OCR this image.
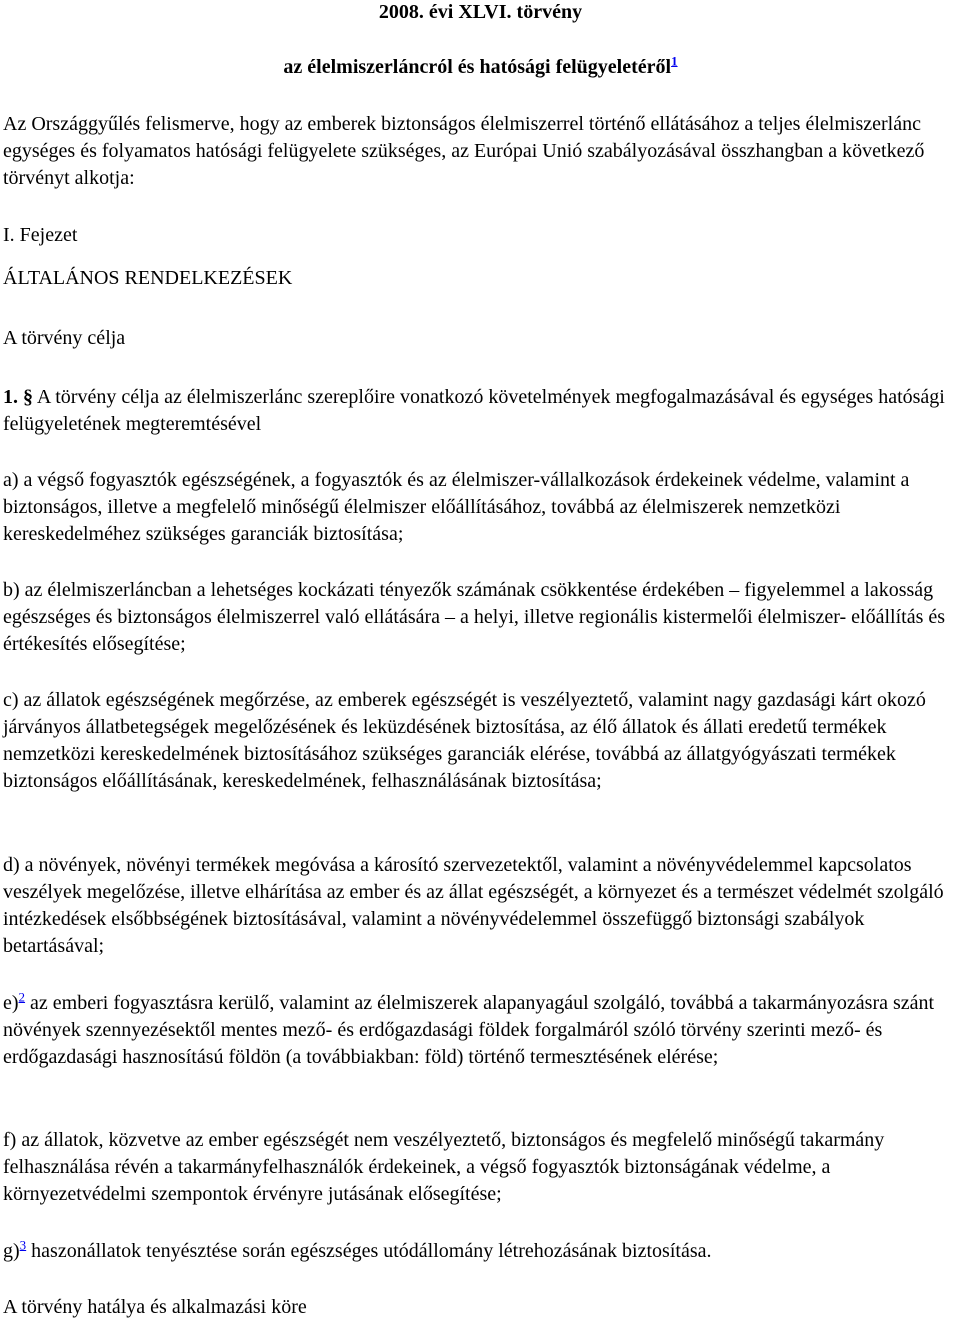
2008. évi XLVI. törvény
az élelmiszerláncról és hatósági felügyeletéről$^1$

Az Országgyűlés felismerve, hogy az emberek biztonságos élelmiszerrel történő ellátásához a teljes élelmiszerlánc egységes és folyamatos hatósági felügyelete szükséges, az Európai Unió szabályozásával összhangban a következő törvényt alkotja:

I. Fejezet

ÁLTALÁNOS RENDELKEZÉSEK

A törvény célja

1. § A törvény célja az élelmiszerlánc szereplőire vonatkozó követelmények megfogalmazásával és egységes hatósági felügyeletének megteremtésével

a) a végső fogyasztók egészségének, a fogyasztók és az élelmiszer-vállalkozások érdekeinek védelme, valamint a biztonságos, illetve a megfelelő minőségű élelmiszer előállításához, továbbá az élelmiszerek nemzetközi kereskedelméhez szükséges garanciák biztosítása;

b) az élelmiszerláncban a lehetséges kockázati tényezők számának csökkentése érdekében – figyelemmel a lakosság egészséges és biztonságos élelmiszerrel való ellátására – a helyi, illetve regionális kistermelői élelmiszer- előállítás és értékesítés elősegítése;

c) az állatok egészségének megőrzése, az emberek egészségét is veszélyeztető, valamint nagy gazdasági kárt okozó járványos állatbetegségek megelőzésének és leküzdésének biztosítása, az élő állatok és állati eredetű termékek nemzetközi kereskedelmének biztosításához szükséges garanciák elérése, továbbá az állatgyógyászati termékek biztonságos előállításának, kereskedelmének, felhasználásának biztosítása;

d) a növények, növényi termékek megóvása a károsító szervezetektől, valamint a növényvédelemmel kapcsolatos veszélyek megelőzése, illetve elhárítása az ember és az állat egészségét, a környezet és a természet védelmét szolgáló intézkedések elsőbbségének biztosításával, valamint a növényvédelemmel összefüggő biztonsági szabályok betartásával;

e)$^2$ az emberi fogyasztásra kerülő, valamint az élelmiszerek alapanyagául szolgáló, továbbá a takarmányozásra szánt növények szennyezésektől mentes mező- és erdőgazdasági földek forgalmáról szóló törvény szerinti mező- és erdőgazdasági hasznosítású földön (a továbbiakban: föld) történő termesztésének elérése;

f) az állatok, közvetve az ember egészségét nem veszélyeztető, biztonságos és megfelelő minőségű takarmány felhasználása révén a takarmányfelhasználók érdekeinek, a végső fogyasztók biztonságának védelme, a környezetvédelmi szempontok érvényre jutásának elősegítése;

g)$^3$ haszonállatok tenyésztése során egészséges utódállomány létrehozásának biztosítása.

A törvény hatálya és alkalmazási köre
